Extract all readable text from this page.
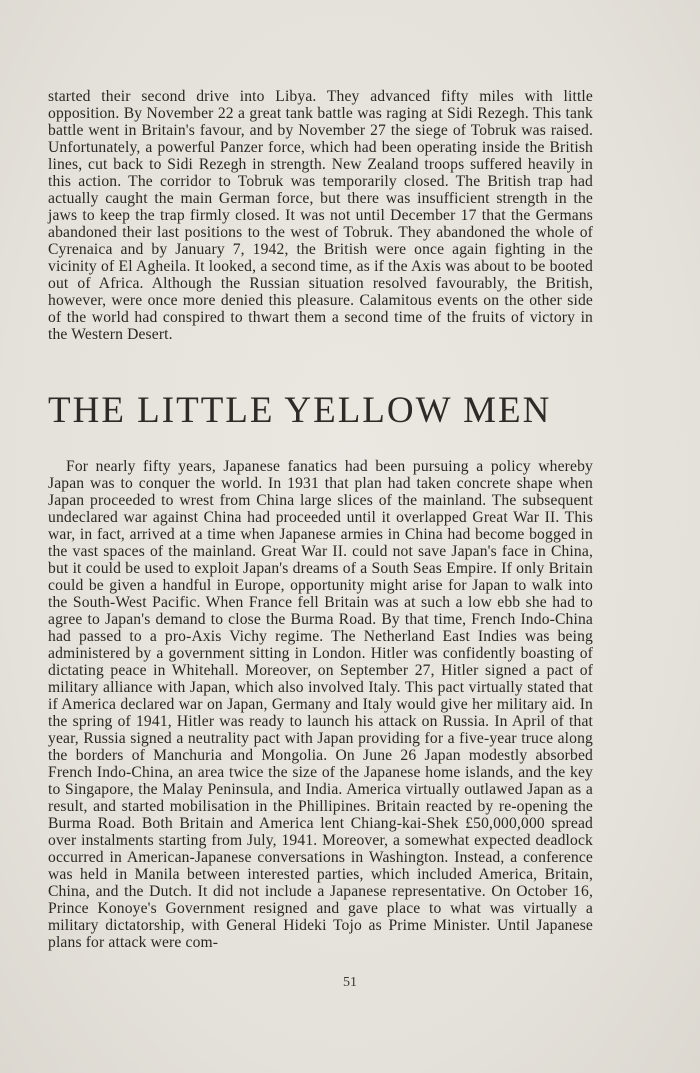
started their second drive into Libya. They advanced fifty miles with little opposition. By November 22 a great tank battle was raging at Sidi Rezegh. This tank battle went in Britain's favour, and by November 27 the siege of Tobruk was raised. Unfortunately, a powerful Panzer force, which had been operating inside the British lines, cut back to Sidi Rezegh in strength. New Zealand troops suffered heavily in this action. The corridor to Tobruk was temporarily closed. The British trap had actually caught the main German force, but there was insufficient strength in the jaws to keep the trap firmly closed. It was not until December 17 that the Germans abandoned their last positions to the west of Tobruk. They abandoned the whole of Cyrenaica and by January 7, 1942, the British were once again fighting in the vicinity of El Agheila. It looked, a second time, as if the Axis was about to be booted out of Africa. Although the Russian situation resolved favourably, the British, however, were once more denied this pleasure. Calamitous events on the other side of the world had conspired to thwart them a second time of the fruits of victory in the Western Desert.

THE LITTLE YELLOW MEN

For nearly fifty years, Japanese fanatics had been pursuing a policy whereby Japan was to conquer the world. In 1931 that plan had taken concrete shape when Japan proceeded to wrest from China large slices of the mainland. The subsequent undeclared war against China had proceeded until it overlapped Great War II. This war, in fact, arrived at a time when Japanese armies in China had become bogged in the vast spaces of the mainland. Great War II. could not save Japan's face in China, but it could be used to exploit Japan's dreams of a South Seas Empire. If only Britain could be given a handful in Europe, opportunity might arise for Japan to walk into the South-West Pacific. When France fell Britain was at such a low ebb she had to agree to Japan's demand to close the Burma Road. By that time, French Indo-China had passed to a pro-Axis Vichy regime. The Netherland East Indies was being administered by a government sitting in London. Hitler was confidently boasting of dictating peace in Whitehall. Moreover, on September 27, Hitler signed a pact of military alliance with Japan, which also involved Italy. This pact virtually stated that if America declared war on Japan, Germany and Italy would give her military aid. In the spring of 1941, Hitler was ready to launch his attack on Russia. In April of that year, Russia signed a neutrality pact with Japan providing for a five-year truce along the borders of Manchuria and Mongolia. On June 26 Japan modestly absorbed French Indo-China, an area twice the size of the Japanese home islands, and the key to Singapore, the Malay Peninsula, and India. America virtually outlawed Japan as a result, and started mobilisation in the Phillipines. Britain reacted by re-opening the Burma Road. Both Britain and America lent Chiang-kai-Shek £50,000,000 spread over instalments starting from July, 1941. Moreover, a somewhat expected deadlock occurred in American-Japanese conversations in Washington. Instead, a conference was held in Manila between interested parties, which included America, Britain, China, and the Dutch. It did not include a Japanese representative. On October 16, Prince Konoye's Government resigned and gave place to what was virtually a military dictatorship, with General Hideki Tojo as Prime Minister. Until Japanese plans for attack were com-

51
